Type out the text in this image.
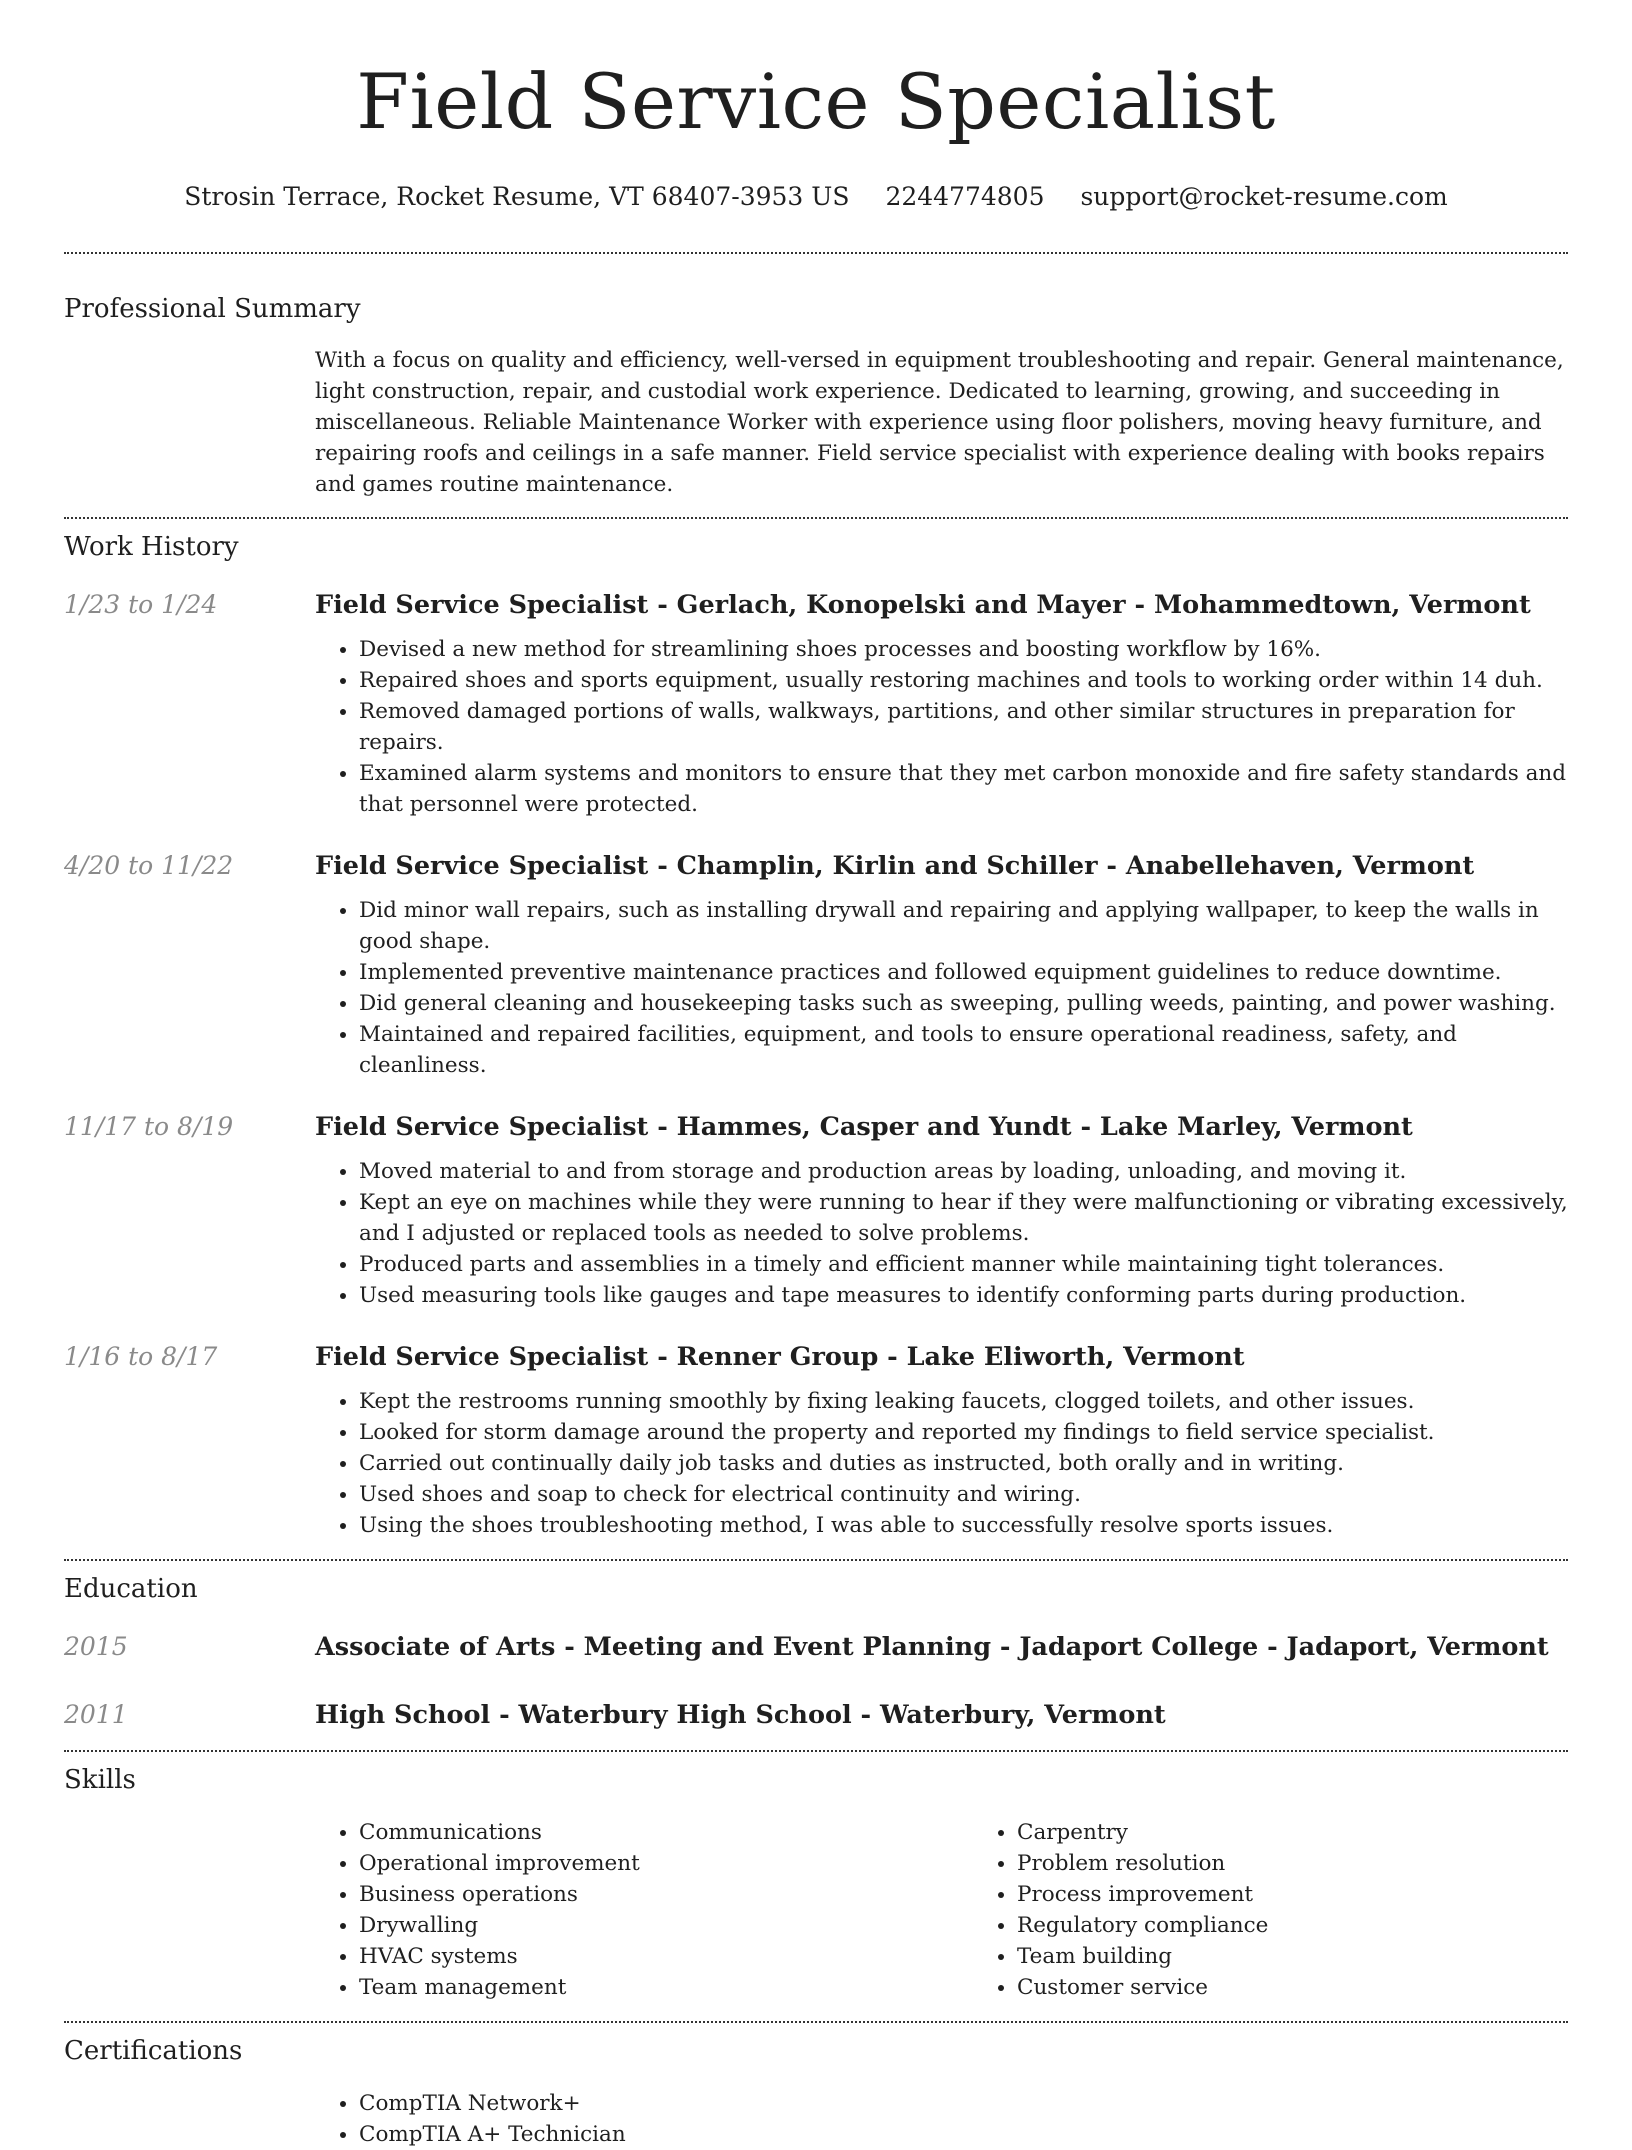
Field Service Specialist
Strosin Terrace, Rocket Resume, VT 68407-3953 US 2244774805 support@rocket-resume.com
Professional Summary

With a focus on quality and efficiency, well-versed in equipment troubleshooting and repair. General maintenance, light construction, repair, and custodial work experience. Dedicated to learning, growing, and succeeding in miscellaneous. Reliable Maintenance Worker with experience using floor polishers, moving heavy furniture, and repairing roofs and ceilings in a safe manner. Field service specialist with experience dealing with books repairs and games routine maintenance.

Work History
1/23 to 1/24	Field Service Specialist - Gerlach, Konopelski and Mayer - Mohammedtown, Vermont
• Devised a new method for streamlining shoes processes and boosting workflow by 16%.
• Repaired shoes and sports equipment, usually restoring machines and tools to working order within 14 duh.
• Removed damaged portions of walls, walkways, partitions, and other similar structures in preparation for repairs.
• Examined alarm systems and monitors to ensure that they met carbon monoxide and fire safety standards and that personnel were protected.
4/20 to 11/22	Field Service Specialist - Champlin, Kirlin and Schiller - Anabellehaven, Vermont
• Did minor wall repairs, such as installing drywall and repairing and applying wallpaper, to keep the walls in good shape.
• Implemented preventive maintenance practices and followed equipment guidelines to reduce downtime.
• Did general cleaning and housekeeping tasks such as sweeping, pulling weeds, painting, and power washing.
• Maintained and repaired facilities, equipment, and tools to ensure operational readiness, safety, and cleanliness.
11/17 to 8/19	Field Service Specialist - Hammes, Casper and Yundt - Lake Marley, Vermont
• Moved material to and from storage and production areas by loading, unloading, and moving it.
• Kept an eye on machines while they were running to hear if they were malfunctioning or vibrating excessively, and I adjusted or replaced tools as needed to solve problems.
• Produced parts and assemblies in a timely and efficient manner while maintaining tight tolerances.
• Used measuring tools like gauges and tape measures to identify conforming parts during production.
1/16 to 8/17	Field Service Specialist - Renner Group - Lake Eliworth, Vermont
• Kept the restrooms running smoothly by fixing leaking faucets, clogged toilets, and other issues.
• Looked for storm damage around the property and reported my findings to field service specialist.
• Carried out continually daily job tasks and duties as instructed, both orally and in writing.
• Used shoes and soap to check for electrical continuity and wiring.
• Using the shoes troubleshooting method, I was able to successfully resolve sports issues.
Education
2015	Associate of Arts - Meeting and Event Planning - Jadaport College - Jadaport, Vermont
2011	High School - Waterbury High School - Waterbury, Vermont
Skills
• Communications
• Operational improvement
• Business operations
• Drywalling
• HVAC systems
• Team management
• Carpentry
• Problem resolution
• Process improvement
• Regulatory compliance
• Team building
• Customer service
Certifications
• CompTIA Network+
• CompTIA A+ Technician
